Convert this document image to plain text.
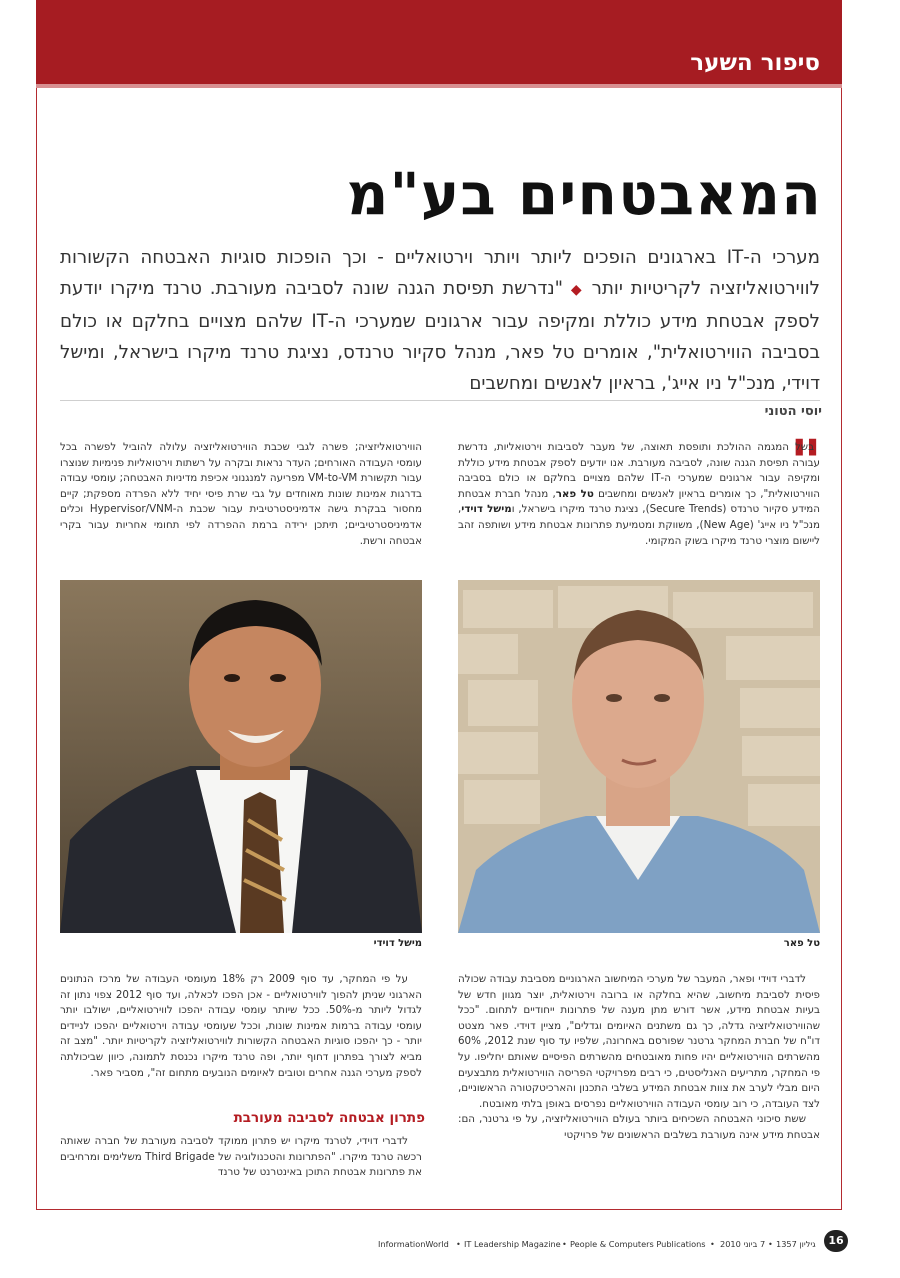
סיפור השער
המאבטחים בע"מ

מערכי ה-IT בארגונים הופכים ליותר ויותר וירטואליים - וכך הופכות סוגיות האבטחה הקשורות לווירטואליזציה לקריטיות יותר ◆ "נדרשת תפיסת הגנה שונה לסביבה מעורבת. טרנד מיקרו יודעת לספק אבטחת מידע כוללת ומקיפה עבור ארגונים שמערכי ה-IT שלהם מצויים בחלקם או כולם בסביבה הווירטואלית", אומרים טל פאר, מנהל סקיור טרנדס, נציגת טרנד מיקרו בישראל, ומישל דוידי, מנכ"ל ניו אייג', בראיון לאנשים ומחשבים

יוסי הטוני
"
בשל המגמה ההולכת ותופסת תאוצה, של מעבר לסביבות וירטואליות, נדרשת עבורה תפיסת הגנה שונה, לסביבה מעורבת. אנו יודעים לספק אבטחת מידע כוללת ומקיפה עבור ארגונים שמערכי ה-IT שלהם מצויים בחלקם או כולם בסביבה הווירטואלית", כך אומרים בראיון לאנשים ומחשבים טל פאר, מנהל חברת אבטחת המידע סקיור טרנדס (Secure Trends), נציגת טרנד מיקרו בישראל, ומישל דוידי, מנכ"ל ניו אייג' (New Age), משווקת ומטמיעת פתרונות אבטחת מידע ושותפה זהב ליישום מוצרי טרנד מיקרו בשוק המקומי.
הווירטואליזציה; פשרה לגבי שכבת הווירטואליזציה עלולה להוביל לפשרה בכל עומסי העבודה האורחים; העדר נראות ובקרה על רשתות וירטואליות פנימיות שנוצרו עבור תקשורת VM-to-VM מפריעה למנגנוני אכיפת מדיניות האבטחה; עומסי עבודה בדרגות אמינות שונות מאוחדים על גבי שרת פיסי יחיד ללא הפרדה מספקת; קיים מחסור בבקרת גישה אדמיניסטרטיבית עבור שכבת ה-Hypervisor/VNM וכלים אדמיניסטרטיביים; תיתכן ירידה ברמת ההפרדה לפי תחומי אחריות עבור בקרי אבטחה ורשת.
טל פאר
מישל דוידי
לדברי דוידי ופאר, המעבר של מערכי המיחשוב הארגוניים מסביבת עבודה שכולה פיסית לסביבת מיחשוב, שהיא בחלקה או ברובה וירטואלית, יוצר מגוון חדש של בעיות אבטחת מידע, אשר דורש מתן מענה של פתרונות ייחודיים לתחום. "ככל שהווירטואליזציה גדלה, כך גם משתנים האיומים וגדלים", מציין דוידי. פאר מצטט דו"ח של חברת המחקר גרטנר שפורסם באחרונה, שלפיו עד סוף שנת 2012, 60% מהשרתים הווירטואליים יהיו פחות מאובטחים מהשרתים הפיסיים שאותם יחליפו. על פי המחקר, מתריעים האנליסטים, כי רבים מפרויקטי הפריסה הווירטואלית מתבצעים היום מבלי לערב את צוות אבטחת המידע בשלבי התכנון והארכיטקטורה הראשוניים, לצד העובדה, כי רוב עומסי העבודה הווירטואליים נפרסים באופן בלתי מאובטח.
ששת סיכוני האבטחה השכיחים ביותר בעולם הווירטואליזציה, על פי גרטנר, הם: אבטחת מידע אינה מעורבת בשלבים הראשונים של פרויקטי
על פי המחקר, עד סוף 2009 רק 18% מעומסי העבודה של מרכז הנתונים הארגוני שניתן להפוך לווירטואליים - אכן הפכו לכאלה, ועד סוף 2012 צפוי נתון זה לגדול ליותר מ-50%. ככל שיותר עומסי עבודה יהפכו לווירטואליים, ישולבו יותר עומסי עבודה ברמות אמינות שונות, וככל שעומסי עבודה וירטואליים יהפכו לניידים יותר - כך יהפכו סוגיות האבטחה הקשורות לווירטואליזציה לקריטיות יותר. "מצב זה מביא לצורך בפתרון דחוף יותר, ופה טרנד מיקרו נכנסת לתמונה, כיוון שביכולתה לספק מערכי הגנה אחרים וטובים לאיומים הנובעים מתחום זה", מסביר פאר.
פתרון אבטחה לסביבה מעורבת
לדברי דוידי, לטרנד מיקרו יש פתרון ממוקד לסביבה מעורבת של חברה שאותה רכשה טרנד מיקרו. "הפתרונות והטכנולוגיה של Third Brigade משלימים ומרחיבים את פתרונות אבטחת התוכן באינטרנט של טרנד
InformationWorld • IT Leadership Magazine • People & Computers Publications • 7 ביוני 2010 • גיליון 1357	16
